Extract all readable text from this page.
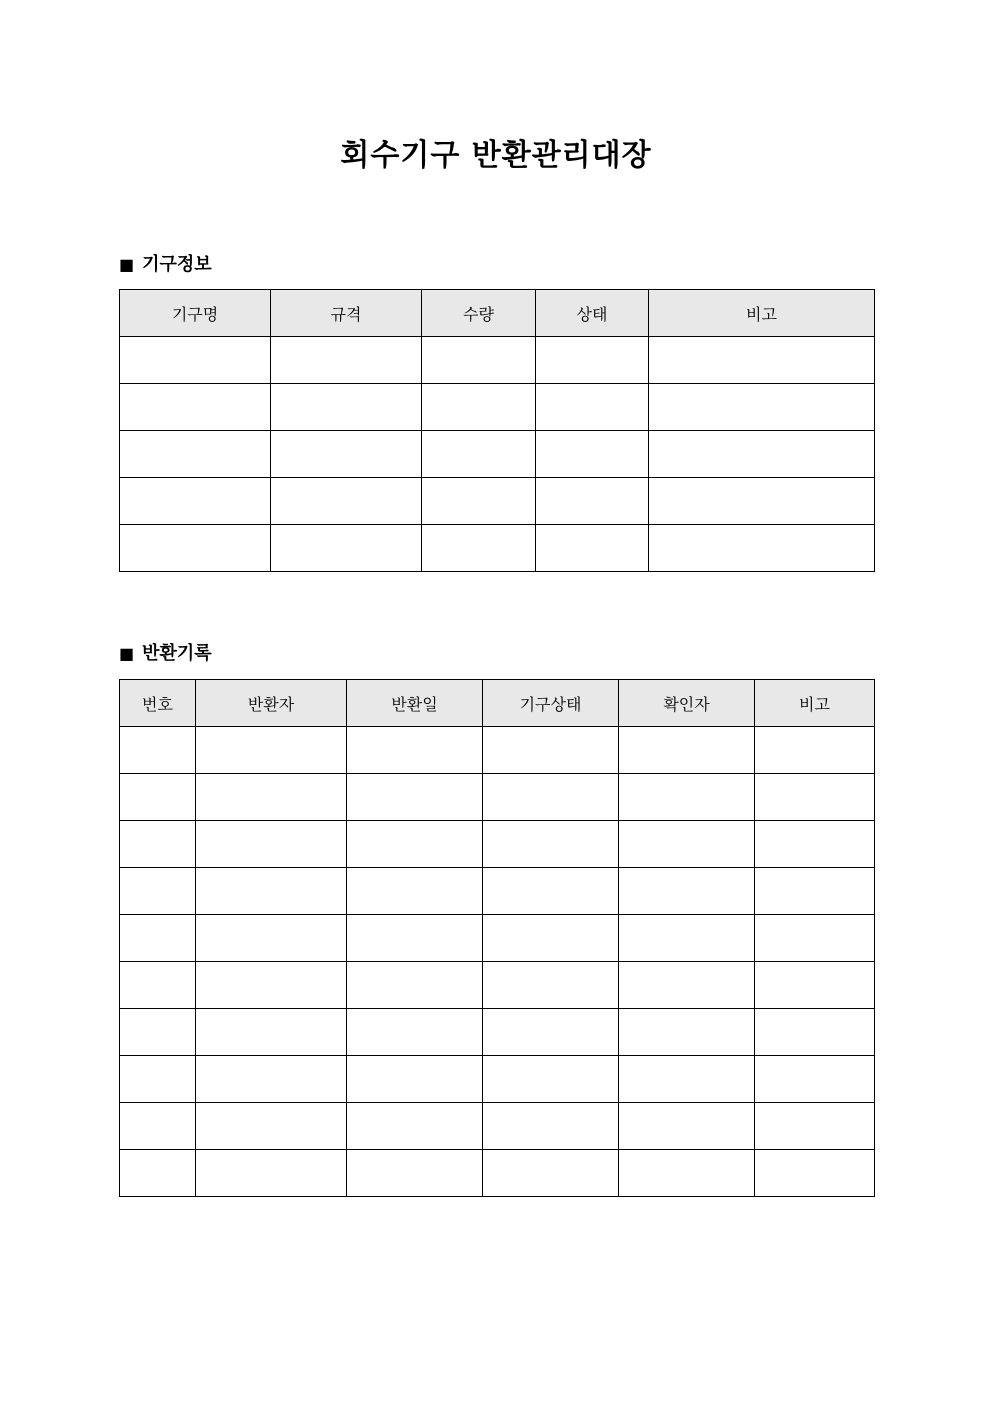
회수기구 반환관리대장
■ 기구정보
기구명	규격	수량	상태	비고

■ 반환기록
번호	반환자	반환일	기구상태	확인자	비고
